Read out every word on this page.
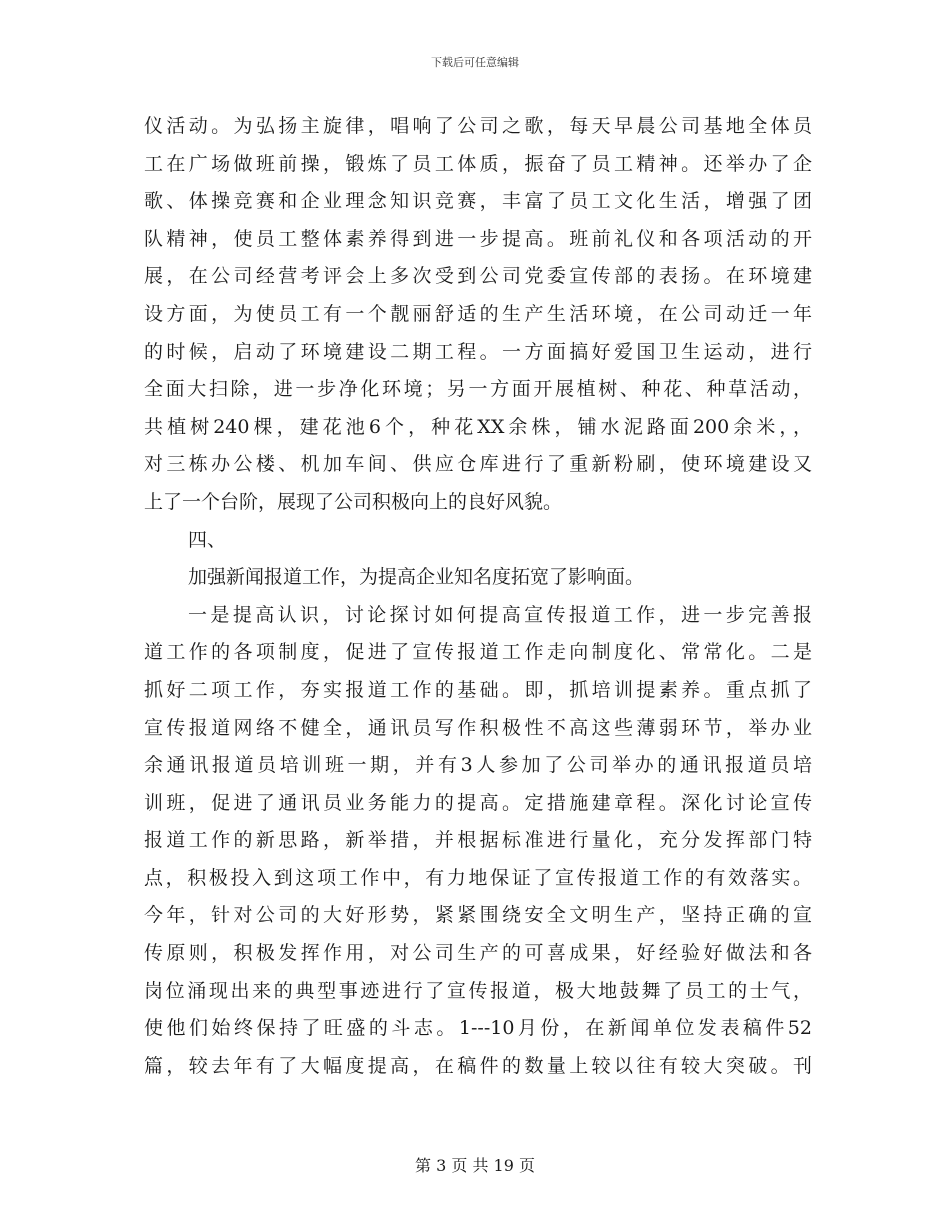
下载后可任意编辑
仪活动。为弘扬主旋律，唱响了公司之歌，每天早晨公司基地全体员
工在广场做班前操，锻炼了员工体质，振奋了员工精神。还举办了企
歌、体操竞赛和企业理念知识竞赛，丰富了员工文化生活，增强了团
队精神，使员工整体素养得到进一步提高。班前礼仪和各项活动的开
展，在公司经营考评会上多次受到公司党委宣传部的表扬。在环境建
设方面，为使员工有一个靓丽舒适的生产生活环境，在公司动迁一年
的时候，启动了环境建设二期工程。一方面搞好爱国卫生运动，进行
全面大扫除，进一步净化环境；另一方面开展植树、种花、种草活动，
共植树240棵，建花池6个，种花XX余株，铺水泥路面200余米，，
对三栋办公楼、机加车间、供应仓库进行了重新粉刷，使环境建设又
上了一个台阶，展现了公司积极向上的良好风貌。
四、
加强新闻报道工作，为提高企业知名度拓宽了影响面。
一是提高认识，讨论探讨如何提高宣传报道工作，进一步完善报
道工作的各项制度，促进了宣传报道工作走向制度化、常常化。二是
抓好二项工作，夯实报道工作的基础。即，抓培训提素养。重点抓了
宣传报道网络不健全，通讯员写作积极性不高这些薄弱环节，举办业
余通讯报道员培训班一期，并有3人参加了公司举办的通讯报道员培
训班，促进了通讯员业务能力的提高。定措施建章程。深化讨论宣传
报道工作的新思路，新举措，并根据标准进行量化，充分发挥部门特
点，积极投入到这项工作中，有力地保证了宣传报道工作的有效落实。
今年，针对公司的大好形势，紧紧围绕安全文明生产，坚持正确的宣
传原则，积极发挥作用，对公司生产的可喜成果，好经验好做法和各
岗位涌现出来的典型事迹进行了宣传报道，极大地鼓舞了员工的士气，
使他们始终保持了旺盛的斗志。1---10月份，在新闻单位发表稿件52
篇，较去年有了大幅度提高，在稿件的数量上较以往有较大突破。刊
第 3 页 共 19 页
